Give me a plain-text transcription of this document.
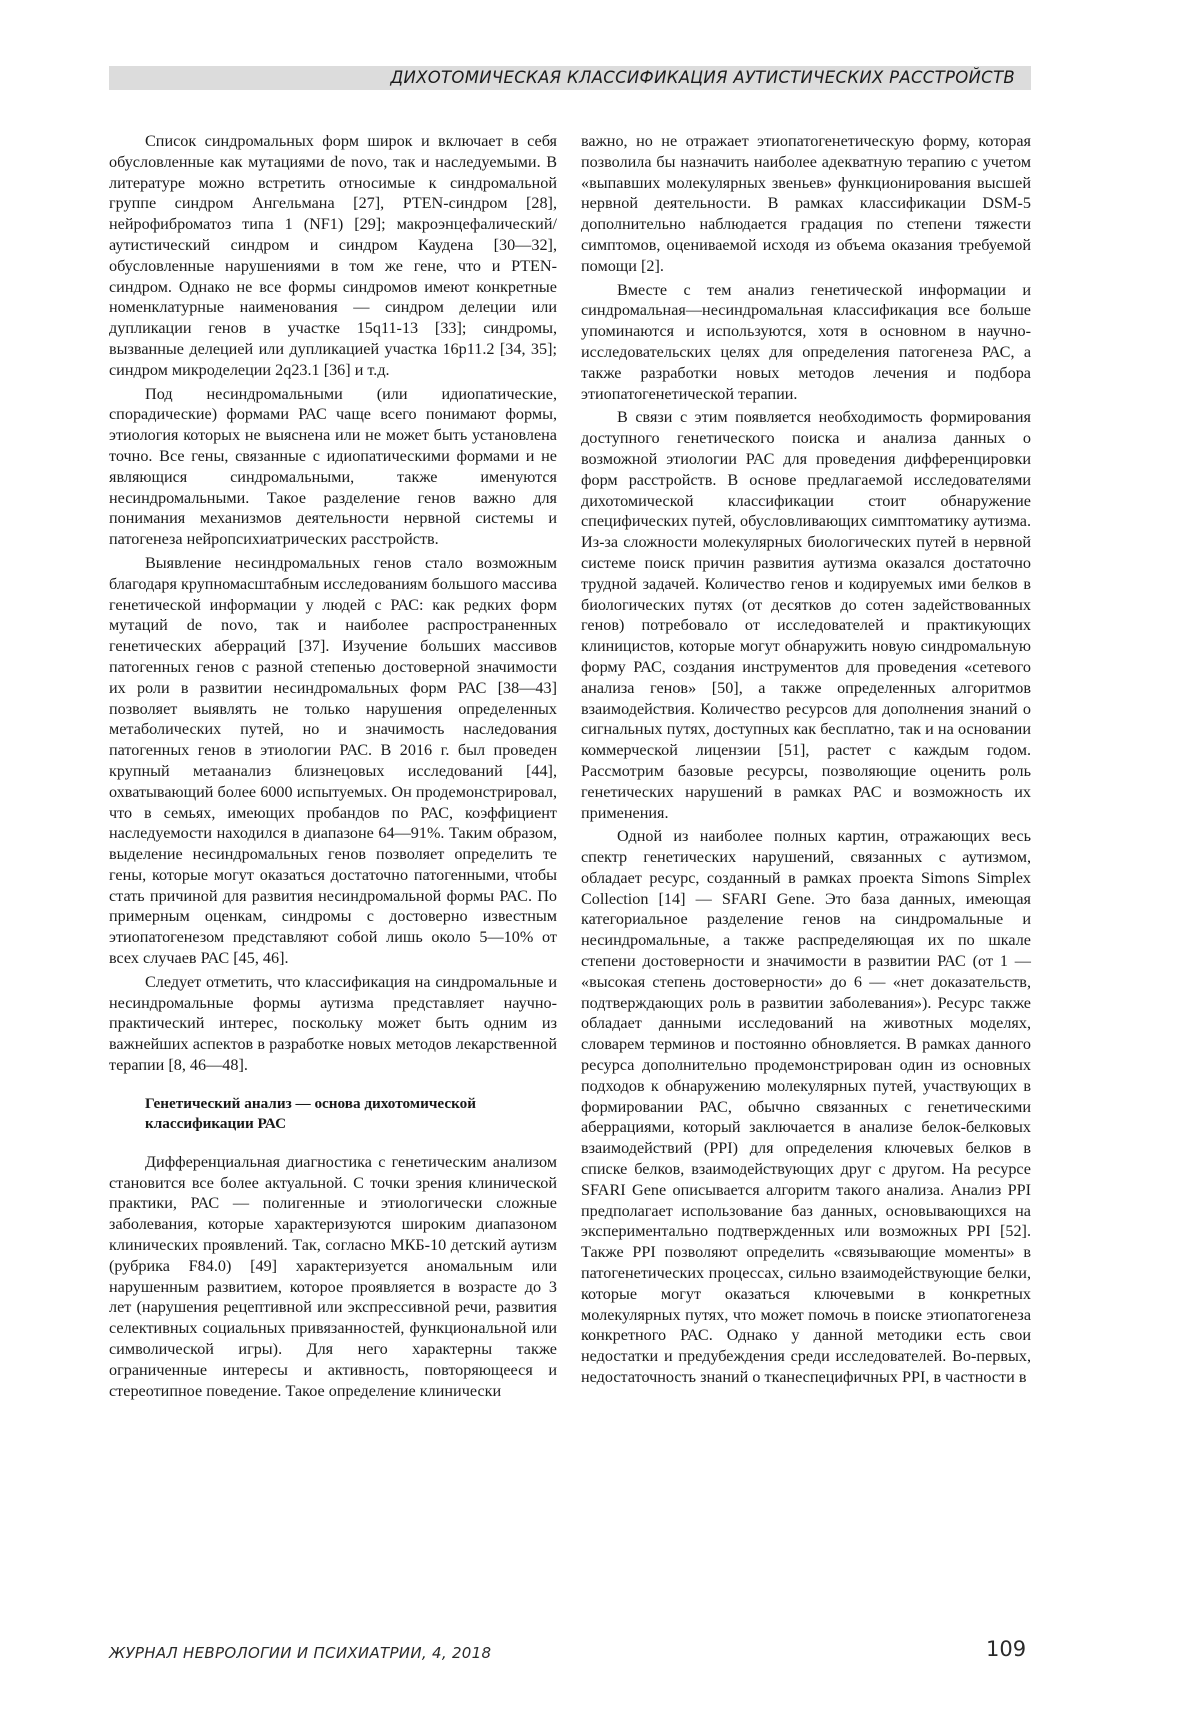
ДИХОТОМИЧЕСКАЯ КЛАССИФИКАЦИЯ АУТИСТИЧЕСКИХ РАССТРОЙСТВ

Список синдромальных форм широк и включает в себя обусловленные как мутациями de novo, так и наследуемыми. В литературе можно встретить относимые к синдромальной группе синдром Ангельмана [27], PTEN-синдром [28], нейрофиброматоз типа 1 (NF1) [29]; макроэнцефалический/аутистический синдром и синдром Каудена [30—32], обусловленные нарушениями в том же гене, что и PTEN-синдром. Однако не все формы синдромов имеют конкретные номенклатурные наименования — синдром делеции или дупликации генов в участке 15q11-13 [33]; синдромы, вызванные делецией или дупликацией участка 16p11.2 [34, 35]; синдром микроделеции 2q23.1 [36] и т.д.

Под несиндромальными (или идиопатические, спорадические) формами РАС чаще всего понимают формы, этиология которых не выяснена или не может быть установлена точно. Все гены, связанные с идиопатическими формами и не являющися синдромальными, также именуются несиндромальными. Такое разделение генов важно для понимания механизмов деятельности нервной системы и патогенеза нейропсихиатрических расстройств.

Выявление несиндромальных генов стало возможным благодаря крупномасштабным исследованиям большого массива генетической информации у людей с РАС: как редких форм мутаций de novo, так и наиболее распространенных генетических аберраций [37]. Изучение больших массивов патогенных генов с разной степенью достоверной значимости их роли в развитии несиндромальных форм РАС [38—43] позволяет выявлять не только нарушения определенных метаболических путей, но и значимость наследования патогенных генов в этиологии РАС. В 2016 г. был проведен крупный метаанализ близнецовых исследований [44], охватывающий более 6000 испытуемых. Он продемонстрировал, что в семьях, имеющих пробандов по РАС, коэффициент наследуемости находился в диапазоне 64—91%. Таким образом, выделение несиндромальных генов позволяет определить те гены, которые могут оказаться достаточно патогенными, чтобы стать причиной для развития несиндромальной формы РАС. По примерным оценкам, синдромы с достоверно известным этиопатогенезом представляют собой лишь около 5—10% от всех случаев РАС [45, 46].

Следует отметить, что классификация на синдромальные и несиндромальные формы аутизма представляет научно-практический интерес, поскольку может быть одним из важнейших аспектов в разработке новых методов лекарственной терапии [8, 46—48].

Генетический анализ — основа дихотомической классификации РАС

Дифференциальная диагностика с генетическим анализом становится все более актуальной. С точки зрения клинической практики, РАС — полигенные и этиологически сложные заболевания, которые характеризуются широким диапазоном клинических проявлений. Так, согласно МКБ-10 детский аутизм (рубрика F84.0) [49] характеризуется аномальным или нарушенным развитием, которое проявляется в возрасте до 3 лет (нарушения рецептивной или экспрессивной речи, развития селективных социальных привязанностей, функциональной или символической игры). Для него характерны также ограниченные интересы и активность, повторяющееся и стереотипное поведение. Такое определение клинически

важно, но не отражает этиопатогенетическую форму, которая позволила бы назначить наиболее адекватную терапию с учетом «выпавших молекулярных звеньев» функционирования высшей нервной деятельности. В рамках классификации DSM-5 дополнительно наблюдается градация по степени тяжести симптомов, оцениваемой исходя из объема оказания требуемой помощи [2].

Вместе с тем анализ генетической информации и синдромальная—несиндромальная классификация все больше упоминаются и используются, хотя в основном в научно-исследовательских целях для определения патогенеза РАС, а также разработки новых методов лечения и подбора этиопатогенетической терапии.

В связи с этим появляется необходимость формирования доступного генетического поиска и анализа данных о возможной этиологии РАС для проведения дифференцировки форм расстройств. В основе предлагаемой исследователями дихотомической классификации стоит обнаружение специфических путей, обусловливающих симптоматику аутизма. Из-за сложности молекулярных биологических путей в нервной системе поиск причин развития аутизма оказался достаточно трудной задачей. Количество генов и кодируемых ими белков в биологических путях (от десятков до сотен задействованных генов) потребовало от исследователей и практикующих клиницистов, которые могут обнаружить новую синдромальную форму РАС, создания инструментов для проведения «сетевого анализа генов» [50], а также определенных алгоритмов взаимодействия. Количество ресурсов для дополнения знаний о сигнальных путях, доступных как бесплатно, так и на основании коммерческой лицензии [51], растет с каждым годом. Рассмотрим базовые ресурсы, позволяющие оценить роль генетических нарушений в рамках РАС и возможность их применения.

Одной из наиболее полных картин, отражающих весь спектр генетических нарушений, связанных с аутизмом, обладает ресурс, созданный в рамках проекта Simons Simplex Collection [14] — SFARI Gene. Это база данных, имеющая категориальное разделение генов на синдромальные и несиндромальные, а также распределяющая их по шкале степени достоверности и значимости в развитии РАС (от 1 — «высокая степень достоверности» до 6 — «нет доказательств, подтверждающих роль в развитии заболевания»). Ресурс также обладает данными исследований на животных моделях, словарем терминов и постоянно обновляется. В рамках данного ресурса дополнительно продемонстрирован один из основных подходов к обнаружению молекулярных путей, участвующих в формировании РАС, обычно связанных с генетическими аберрациями, который заключается в анализе белок-белковых взаимодействий (PPI) для определения ключевых белков в списке белков, взаимодействующих друг с другом. На ресурсе SFARI Gene описывается алгоритм такого анализа. Анализ PPI предполагает использование баз данных, основывающихся на экспериментально подтвержденных или возможных PPI [52]. Также PPI позволяют определить «связывающие моменты» в патогенетических процессах, сильно взаимодействующие белки, которые могут оказаться ключевыми в конкретных молекулярных путях, что может помочь в поиске этиопатогенеза конкретного РАС. Однако у данной методики есть свои недостатки и предубеждения среди исследователей. Во-первых, недостаточность знаний о тканеспецифичных PPI, в частности в

ЖУРНАЛ НЕВРОЛОГИИ И ПСИХИАТРИИ, 4, 2018	109
